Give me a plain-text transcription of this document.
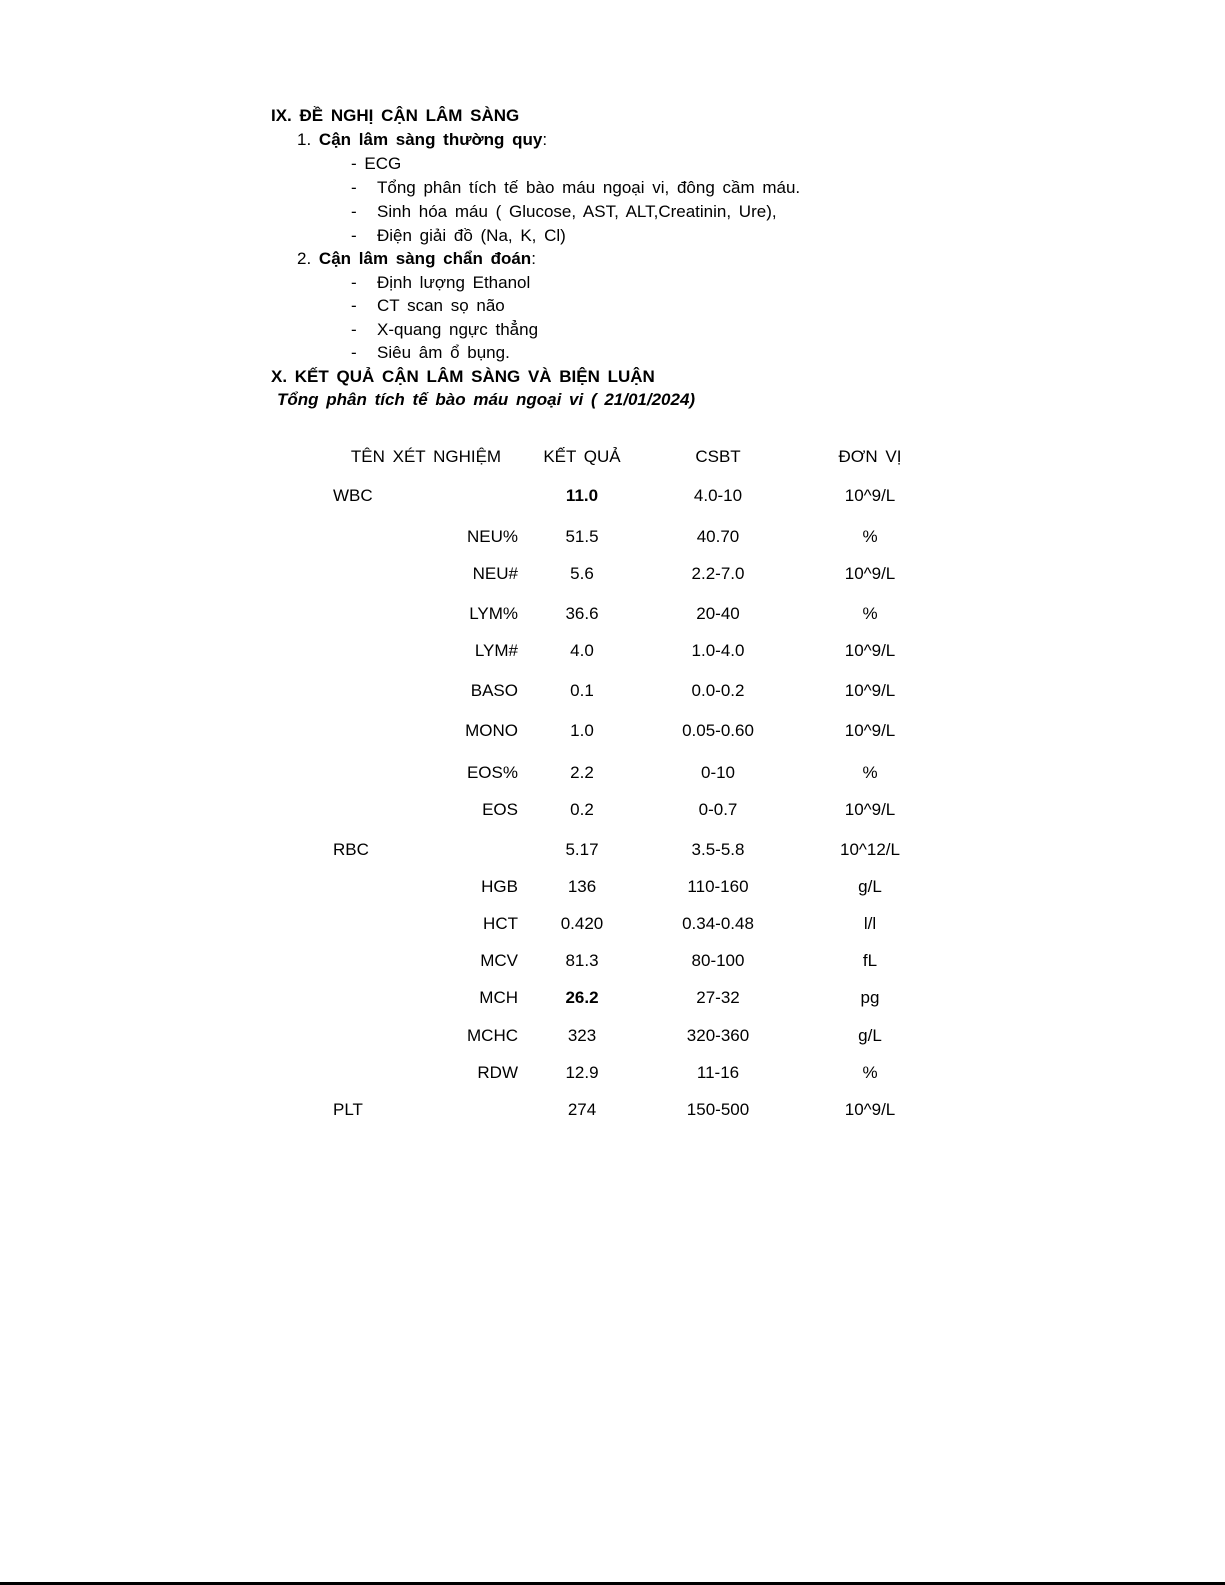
IX. ĐỀ NGHỊ CẬN LÂM SÀNG
1. Cận lâm sàng thường quy:
- ECG
- Tổng phân tích tế bào máu ngoại vi, đông cầm máu.
- Sinh hóa máu ( Glucose, AST, ALT,Creatinin, Ure),
- Điện giải đồ (Na, K, Cl)
2. Cận lâm sàng chẩn đoán:
- Định lượng Ethanol
- CT scan sọ não
- X-quang ngực thẳng
- Siêu âm ổ bụng.
X. KẾT QUẢ CẬN LÂM SÀNG VÀ BIỆN LUẬN
Tổng phân tích tế bào máu ngoại vi ( 21/01/2024)
TÊN XÉT NGHIỆM	KẾT QUẢ	CSBT	ĐƠN VỊ
WBC	11.0	4.0-10	10^9/L
NEU%	51.5	40.70	%
NEU#	5.6	2.2-7.0	10^9/L
LYM%	36.6	20-40	%
LYM#	4.0	1.0-4.0	10^9/L
BASO	0.1	0.0-0.2	10^9/L
MONO	1.0	0.05-0.60	10^9/L
EOS%	2.2	0-10	%
EOS	0.2	0-0.7	10^9/L
RBC	5.17	3.5-5.8	10^12/L
HGB	136	110-160	g/L
HCT	0.420	0.34-0.48	l/l
MCV	81.3	80-100	fL
MCH	26.2	27-32	pg
MCHC	323	320-360	g/L
RDW	12.9	11-16	%
PLT	274	150-500	10^9/L
